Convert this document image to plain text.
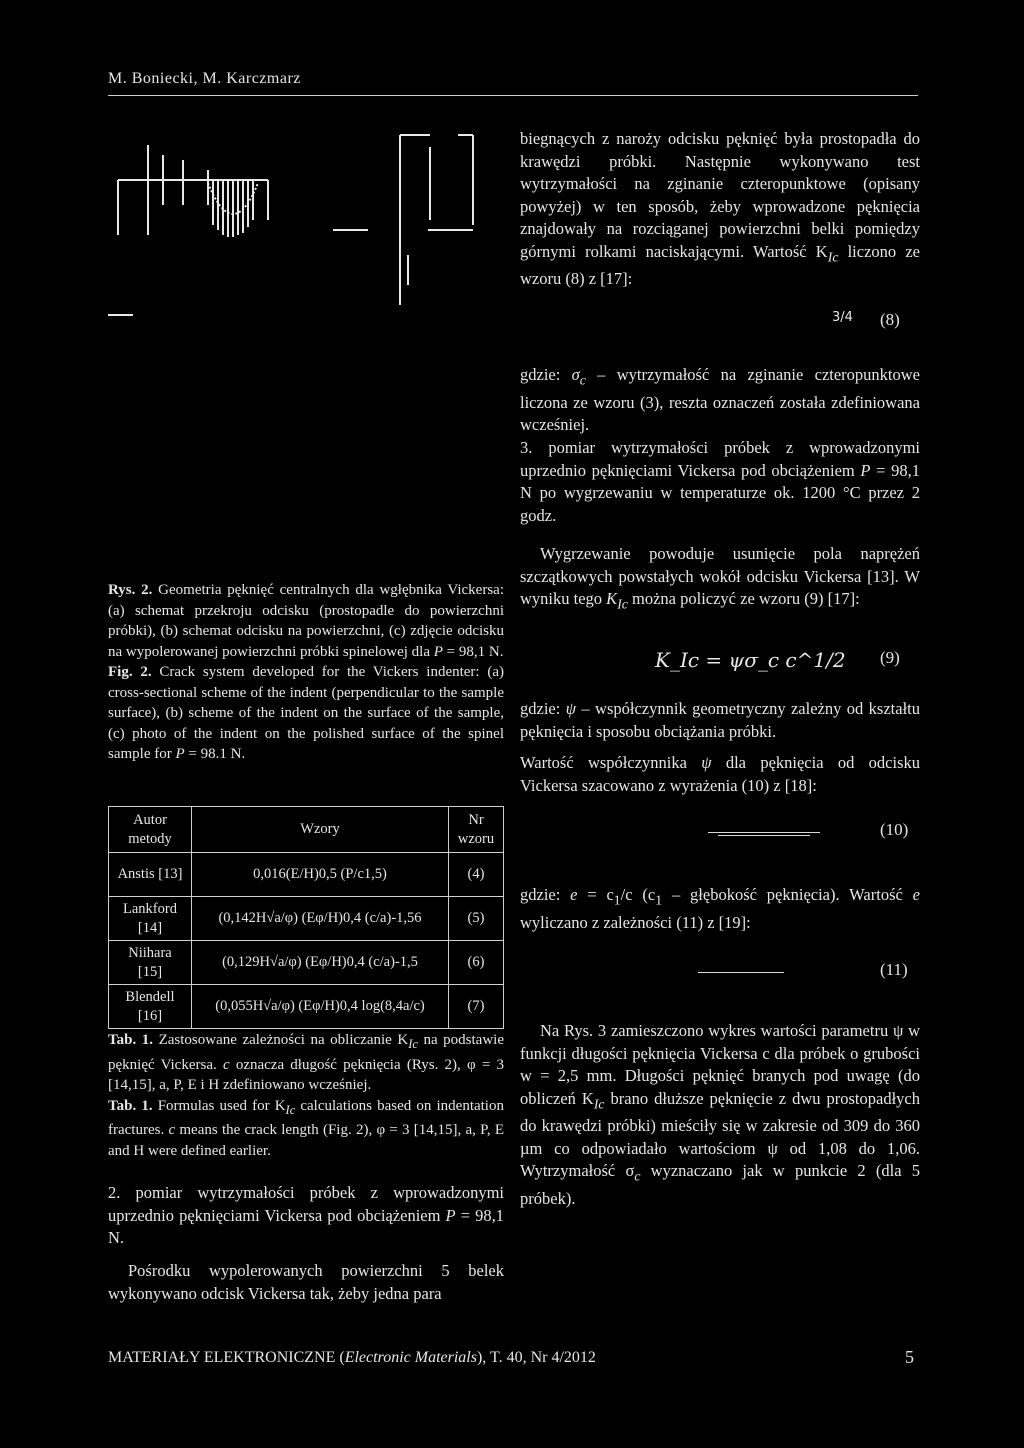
M. Boniecki, M. Karczmarz

biegnących z naroży odcisku pęknięć była prostopadła do krawędzi próbki. Następnie wykonywano test wytrzymałości na zginanie czteropunktowe (opisany powyżej) w ten sposób, żeby wprowadzone pęknięcia znajdowały na rozciąganej powierzchni belki pomiędzy górnymi rolkami naciskającymi. Wartość $K_{Ic}$ liczono ze wzoru (8) z [17]:

3/4 (8)

gdzie: $\sigma_c$ – wytrzymałość na zginanie czteropunktowe liczona ze wzoru (3), reszta oznaczeń została zdefiniowana wcześniej.

3. pomiar wytrzymałości próbek z wprowadzonymi uprzednio pęknięciami Vickersa pod obciążeniem P = 98,1 N po wygrzewaniu w temperaturze ok. 1200 °C przez 2 godz.

Wygrzewanie powoduje usunięcie pola naprężeń szczątkowych powstałych wokół odcisku Vickersa [13]. W wyniku tego $K_{Ic}$ można policzyć ze wzoru (9) [17]:

K_Ic = ψσ_c c^1/2 (9)

gdzie: ψ – współczynnik geometryczny zależny od kształtu pęknięcia i sposobu obciążania próbki.

Wartość współczynnika ψ dla pęknięcia od odcisku Vickersa szacowano z wyrażenia (10) z [18]:

(10)

gdzie: $e = c_1/c$ ($c_1$ – głębokość pęknięcia). Wartość e wyliczano z zależności (11) z [19]:

(11)

Na Rys. 3 zamieszczono wykres wartości parametru ψ w funkcji długości pęknięcia Vickersa c dla próbek o grubości w = 2,5 mm. Długości pęknięć branych pod uwagę (do obliczeń $K_{Ic}$ brano dłuższe pęknięcie z dwu prostopadłych do krawędzi próbki) mieściły się w zakresie od 309 do 360 µm co odpowiadało wartościom ψ od 1,08 do 1,06. Wytrzymałość $\sigma_c$ wyznaczano jak w punkcie 2 (dla 5 próbek).

Rys. 2. Geometria pęknięć centralnych dla wgłębnika Vickersa: (a) schemat przekroju odcisku (prostopadle do powierzchni próbki), (b) schemat odcisku na powierzchni, (c) zdjęcie odcisku na wypolerowanej powierzchni próbki spinelowej dla P = 98,1 N.

Fig. 2. Crack system developed for the Vickers indenter: (a) cross-sectional scheme of the indent (perpendicular to the sample surface), (b) scheme of the indent on the surface of the sample, (c) photo of the indent on the polished surface of the spinel sample for P = 98.1 N.

Autor metody	Wzory	Nr wzoru
Anstis [13]	0,016(E/H)0,5 (P/c1,5)	(4)
Lankford [14]	(0,142H√a/φ) (Eφ/H)0,4 (c/a)-1,56	(5)
Niihara [15]	(0,129H√a/φ) (Eφ/H)0,4 (c/a)-1,5	(6)
Blendell [16]	(0,055H√a/φ) (Eφ/H)0,4 log(8,4a/c)	(7)

Tab. 1. Zastosowane zależności na obliczanie $K_{Ic}$ na podstawie pęknięć Vickersa. c oznacza długość pęknięcia (Rys. 2), φ = 3 [14,15], a, P, E i H zdefiniowano wcześniej.

Tab. 1. Formulas used for $K_{Ic}$ calculations based on indentation fractures. c means the crack length (Fig. 2), φ = 3 [14,15], a, P, E and H were defined earlier.

2. pomiar wytrzymałości próbek z wprowadzonymi uprzednio pęknięciami Vickersa pod obciążeniem P = 98,1 N.

Pośrodku wypolerowanych powierzchni 5 belek wykonywano odcisk Vickersa tak, żeby jedna para

MATERIAŁY ELEKTRONICZNE (Electronic Materials), T. 40, Nr 4/2012	5
